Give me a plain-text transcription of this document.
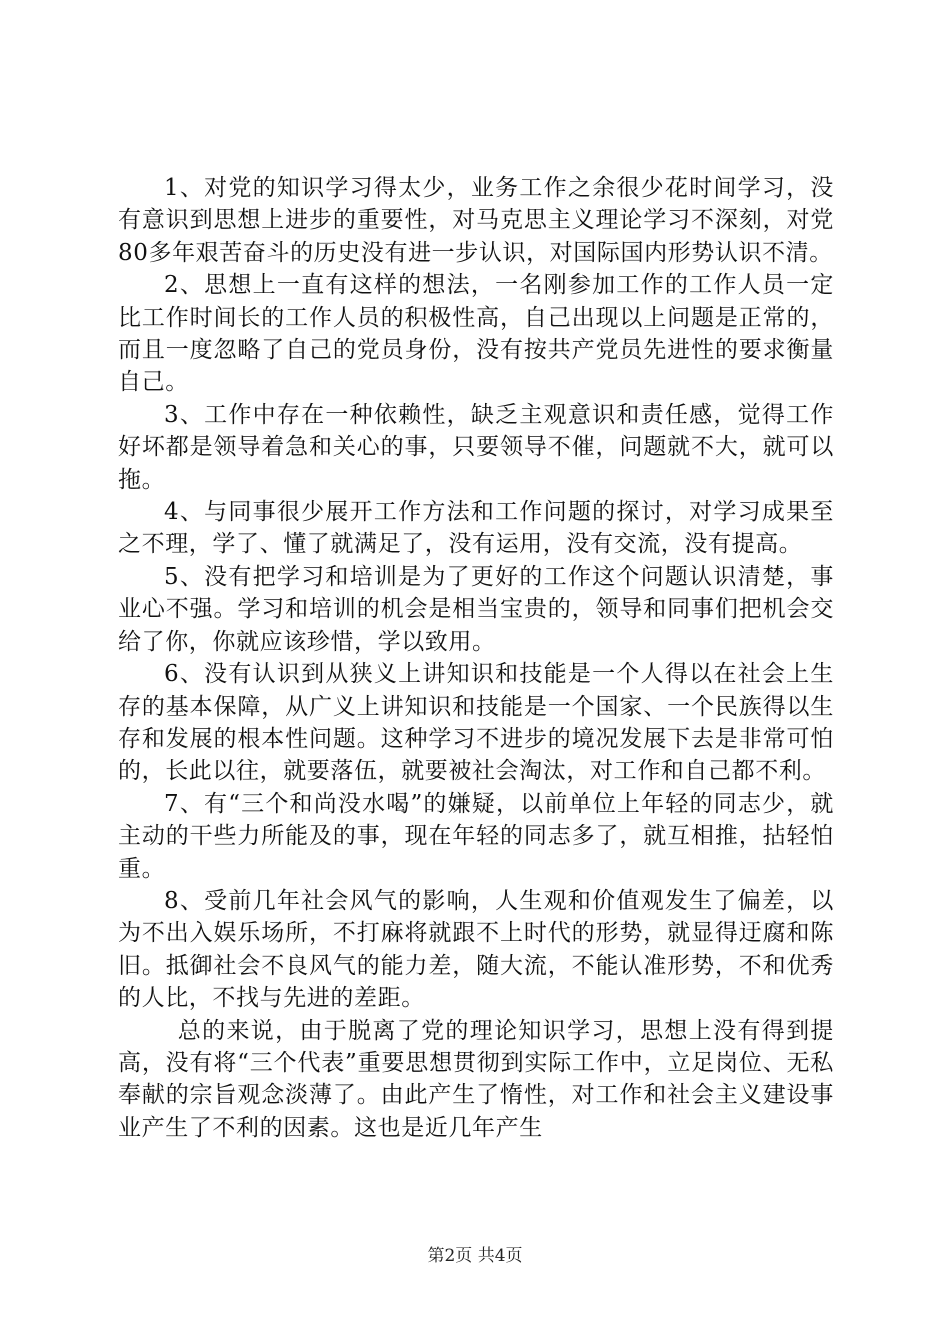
1、对党的知识学习得太少，业务工作之余很少花时间学习，没有意识到思想上进步的重要性，对马克思主义理论学习不深刻，对党80多年艰苦奋斗的历史没有进一步认识，对国际国内形势认识不清。

2、思想上一直有这样的想法，一名刚参加工作的工作人员一定比工作时间长的工作人员的积极性高，自己出现以上问题是正常的，而且一度忽略了自己的党员身份，没有按共产党员先进性的要求衡量自己。

3、工作中存在一种依赖性，缺乏主观意识和责任感，觉得工作好坏都是领导着急和关心的事，只要领导不催，问题就不大，就可以拖。

4、与同事很少展开工作方法和工作问题的探讨，对学习成果至之不理，学了、懂了就满足了，没有运用，没有交流，没有提高。

5、没有把学习和培训是为了更好的工作这个问题认识清楚，事业心不强。学习和培训的机会是相当宝贵的，领导和同事们把机会交给了你，你就应该珍惜，学以致用。

6、没有认识到从狭义上讲知识和技能是一个人得以在社会上生存的基本保障，从广义上讲知识和技能是一个国家、一个民族得以生存和发展的根本性问题。这种学习不进步的境况发展下去是非常可怕的，长此以往，就要落伍，就要被社会淘汰，对工作和自己都不利。

7、有“三个和尚没水喝”的嫌疑，以前单位上年轻的同志少，就主动的干些力所能及的事，现在年轻的同志多了，就互相推，拈轻怕重。

8、受前几年社会风气的影响，人生观和价值观发生了偏差，以为不出入娱乐场所，不打麻将就跟不上时代的形势，就显得迂腐和陈旧。抵御社会不良风气的能力差，随大流，不能认准形势，不和优秀的人比，不找与先进的差距。

总的来说，由于脱离了党的理论知识学习，思想上没有得到提高，没有将“三个代表”重要思想贯彻到实际工作中，立足岗位、无私奉献的宗旨观念淡薄了。由此产生了惰性，对工作和社会主义建设事业产生了不利的因素。这也是近几年产生

第2页 共4页
